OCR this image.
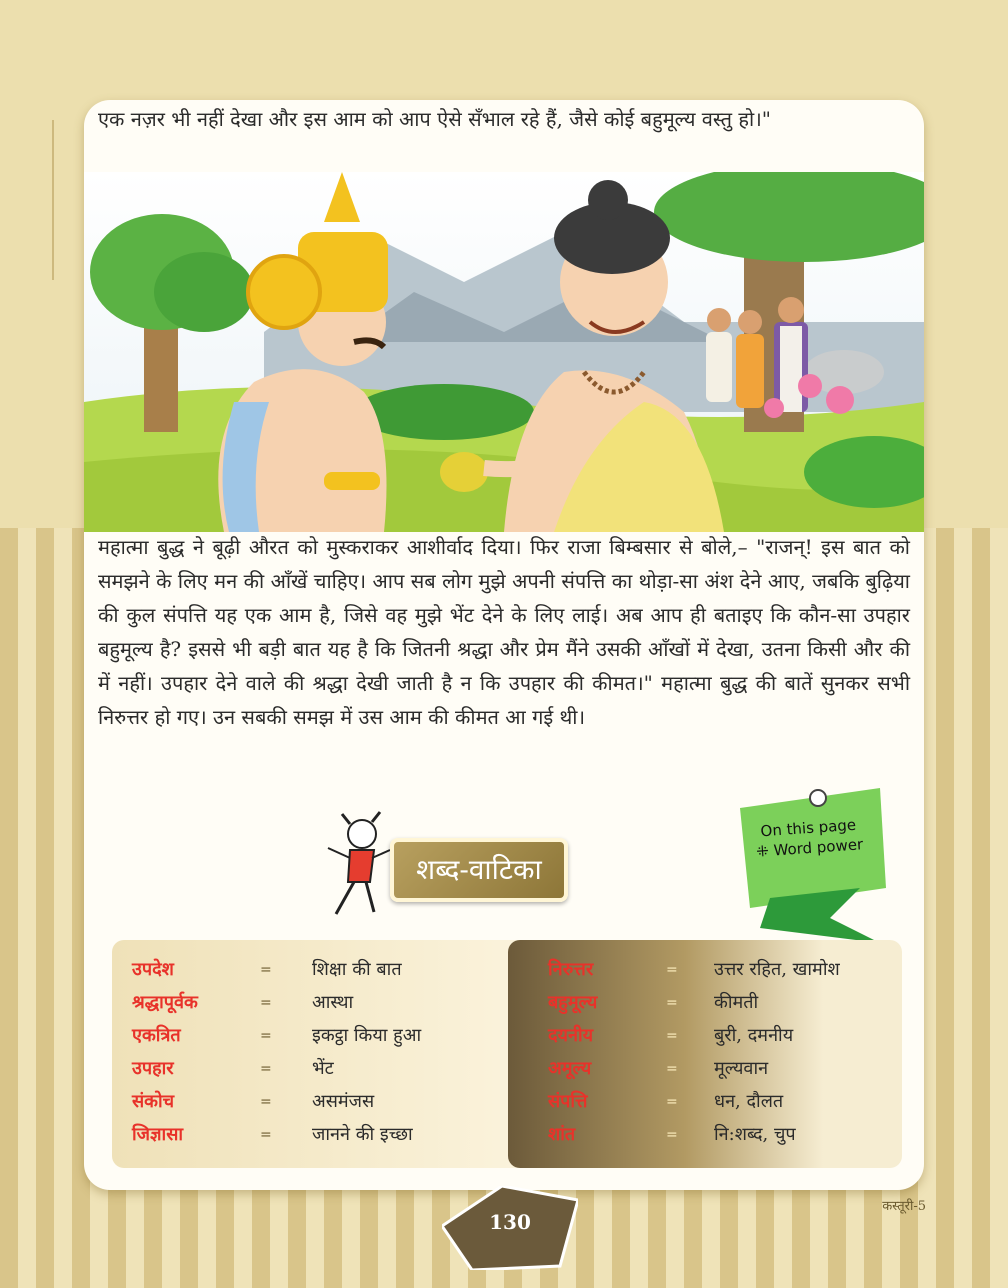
एक नज़र भी नहीं देखा और इस आम को आप ऐसे सँभाल रहे हैं, जैसे कोई बहुमूल्य वस्तु हो।"

महात्मा बुद्ध ने बूढ़ी औरत को मुस्कराकर आशीर्वाद दिया। फिर राजा बिम्बसार से बोले,– "राजन्! इस बात को समझने के लिए मन की आँखें चाहिए। आप सब लोग मुझे अपनी संपत्ति का थोड़ा-सा अंश देने आए, जबकि बुढ़िया की कुल संपत्ति यह एक आम है, जिसे वह मुझे भेंट देने के लिए लाई। अब आप ही बताइए कि कौन-सा उपहार बहुमूल्य है? इससे भी बड़ी बात यह है कि जितनी श्रद्धा और प्रेम मैंने उसकी आँखों में देखा, उतना किसी और की में नहीं। उपहार देने वाले की श्रद्धा देखी जाती है न कि उपहार की कीमत।" महात्मा बुद्ध की बातें सुनकर सभी निरुत्तर हो गए। उन सबकी समझ में उस आम की कीमत आ गई थी।

शब्द-वाटिका
On this page
⁜ Word power
उपदेश	=	शिक्षा की बात
श्रद्धापूर्वक	=	आस्था
एकत्रित	=	इकट्ठा किया हुआ
उपहार	=	भेंट
संकोच	=	असमंजस
जिज्ञासा	=	जानने की इच्छा
निरुत्तर	=	उत्तर रहित, खामोश
बहुमूल्य	=	कीमती
दयनीय	=	बुरी, दमनीय
अमूल्य	=	मूल्यवान
संपत्ति	=	धन, दौलत
शांत	=	नि:शब्द, चुप
130
कस्तूरी-5
